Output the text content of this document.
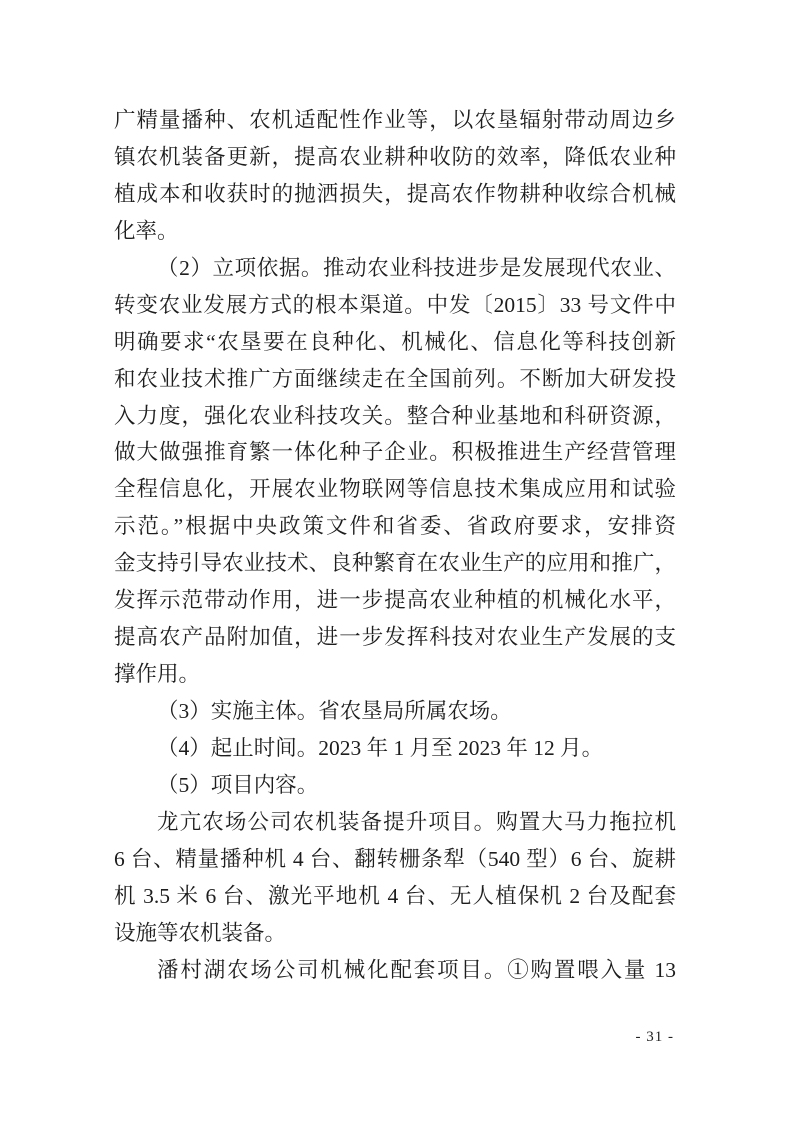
广精量播种、农机适配性作业等，以农垦辐射带动周边乡
镇农机装备更新，提高农业耕种收防的效率，降低农业种
植成本和收获时的抛洒损失，提高农作物耕种收综合机械
化率。
（2）立项依据。推动农业科技进步是发展现代农业、
转变农业发展方式的根本渠道。中发〔2015〕33 号文件中
明确要求“农垦要在良种化、机械化、信息化等科技创新
和农业技术推广方面继续走在全国前列。不断加大研发投
入力度，强化农业科技攻关。整合种业基地和科研资源，
做大做强推育繁一体化种子企业。积极推进生产经营管理
全程信息化，开展农业物联网等信息技术集成应用和试验
示范。”根据中央政策文件和省委、省政府要求，安排资
金支持引导农业技术、良种繁育在农业生产的应用和推广，
发挥示范带动作用，进一步提高农业种植的机械化水平，
提高农产品附加值，进一步发挥科技对农业生产发展的支
撑作用。
（3）实施主体。省农垦局所属农场。
（4）起止时间。2023 年 1 月至 2023 年 12 月。
（5）项目内容。
龙亢农场公司农机装备提升项目。购置大马力拖拉机
6 台、精量播种机 4 台、翻转栅条犁（540 型）6 台、旋耕
机 3.5 米 6 台、激光平地机 4 台、无人植保机 2 台及配套
设施等农机装备。
潘村湖农场公司机械化配套项目。①购置喂入量 13
- 31 -
